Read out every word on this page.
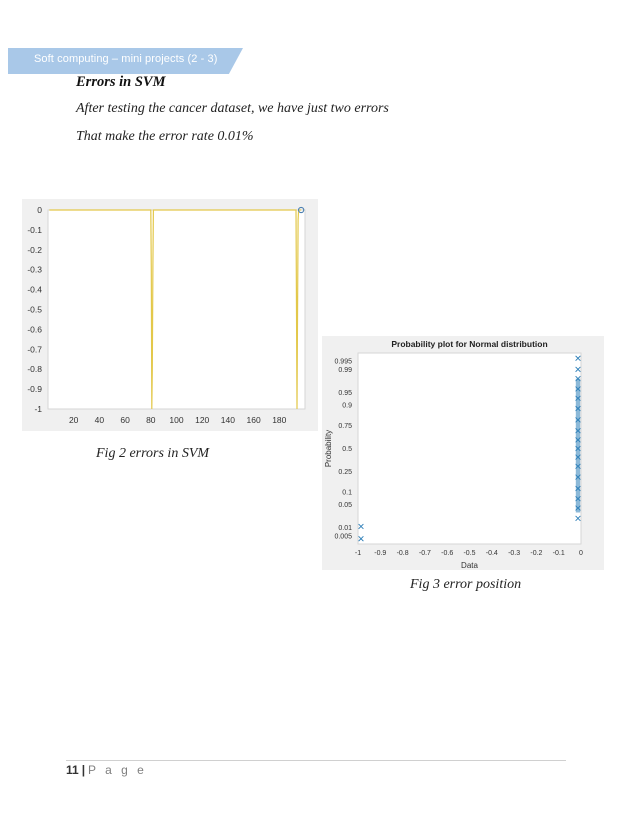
Soft computing – mini projects (2 - 3)
Errors in SVM
After testing the cancer dataset, we have just two errors
That make the error rate 0.01%
20 40 60 80 100 120 140 160 180
0
-0.1
-0.2
-0.3
-0.4
-0.5
-0.6
-0.7
-0.8
-0.9
-1
Fig 2 errors in SVM
Probability plot for Normal distribution
-1 -0.9 -0.8 -0.7 -0.6 -0.5 -0.4 -0.3 -0.2 -0.1 0
0.005
0.01
0.05
0.1
0.25
0.5
0.75
0.9
0.95
0.99
0.995
Data
Probability
Fig 3 error position
11 | P a g e
